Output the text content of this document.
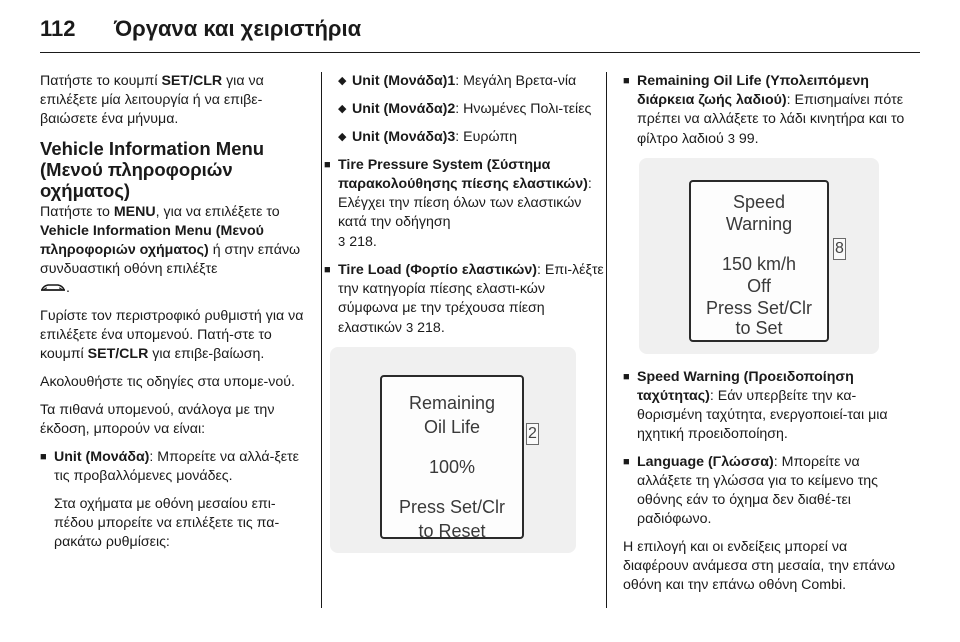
112 Όργανα και χειριστήρια

Πατήστε το κουμπί SET/CLR για να επιλέξετε μία λειτουργία ή να επιβε-βαιώσετε ένα μήνυμα.

Vehicle Information Menu (Μενού πληροφοριών οχήματος)

Πατήστε το MENU, για να επιλέξετε το Vehicle Information Menu (Μενού πληροφοριών οχήματος) ή στην επάνω συνδυαστική οθόνη επιλέξτε
.

Γυρίστε τον περιστροφικό ρυθμιστή για να επιλέξετε ένα υπομενού. Πατή-στε το κουμπί SET/CLR για επιβε-βαίωση.

Ακολουθήστε τις οδηγίες στα υπομε-νού.

Τα πιθανά υπομενού, ανάλογα με την έκδοση, μπορούν να είναι:

■ Unit (Μονάδα): Μπορείτε να αλλά-ξετε τις προβαλλόμενες μονάδες.

Στα οχήματα με οθόνη μεσαίου επι-πέδου μπορείτε να επιλέξετε τις πα-ρακάτω ρυθμίσεις:

◆ Unit (Μονάδα)1: Μεγάλη Βρετα-νία
◆ Unit (Μονάδα)2: Ηνωμένες Πολι-τείες
◆ Unit (Μονάδα)3: Ευρώπη
■ Tire Pressure System (Σύστημα παρακολούθησης πίεσης ελαστικών): Ελέγχει την πίεση όλων των ελαστικών κατά την οδήγηση
3 218.
■ Tire Load (Φορτίο ελαστικών): Επι-λέξτε την κατηγορία πίεσης ελαστι-κών σύμφωνα με την τρέχουσα πίεση ελαστικών 3 218.
Remaining
Oil Life
100%
Press Set/Clr
to Reset
2
■ Remaining Oil Life (Υπολειπόμενη διάρκεια ζωής λαδιού): Επισημαίνει πότε πρέπει να αλλάξετε το λάδι κινητήρα και το φίλτρο λαδιού 3 99.
Speed
Warning
150 km/h
Off
Press Set/Clr
to Set
8
■ Speed Warning (Προειδοποίηση ταχύτητας): Εάν υπερβείτε την κα-θορισμένη ταχύτητα, ενεργοποιεί-ται μια ηχητική προειδοποίηση.
■ Language (Γλώσσα): Μπορείτε να αλλάξετε τη γλώσσα για το κείμενο της οθόνης εάν το όχημα δεν διαθέ-τει ραδιόφωνο.

Η επιλογή και οι ενδείξεις μπορεί να διαφέρουν ανάμεσα στη μεσαία, την επάνω οθόνη και την επάνω οθόνη Combi.
